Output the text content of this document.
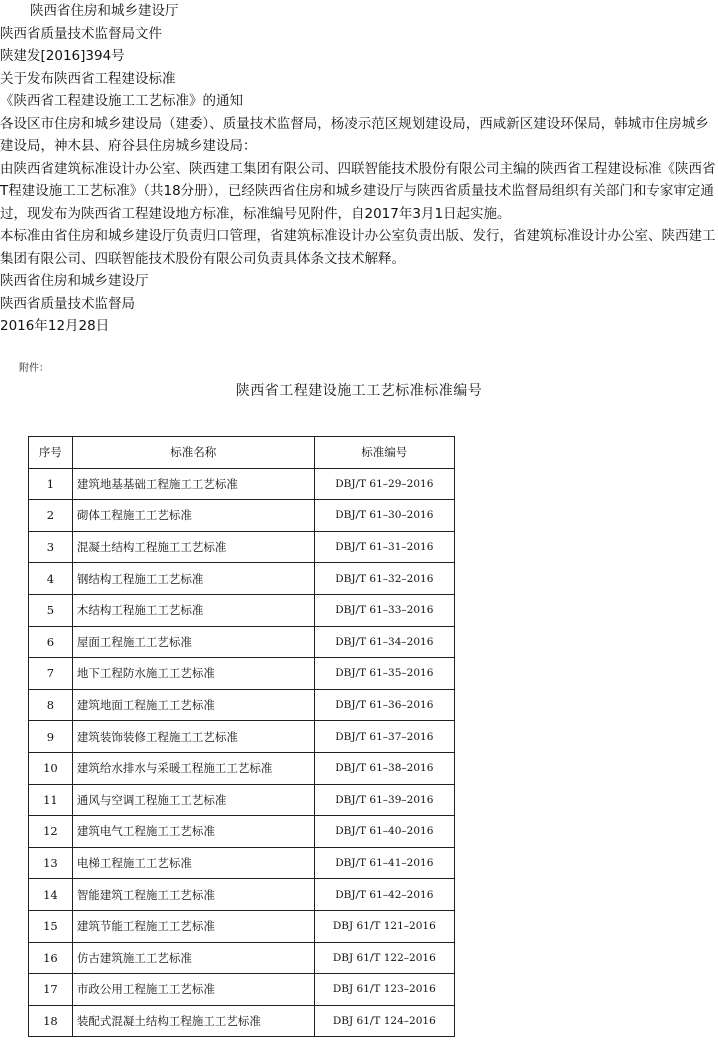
陕西省住房和城乡建设厅

陕西省质量技术监督局文件

陕建发[2016]394号

关于发布陕西省工程建设标准

《陕西省工程建设施工工艺标准》的通知

各设区市住房和城乡建设局（建委）、质量技术监督局，杨凌示范区规划建设局，西咸新区建设环保局，韩城市住房城乡建设局，神木县、府谷县住房城乡建设局：

由陕西省建筑标准设计办公室、陕西建工集团有限公司、四联智能技术股份有限公司主编的陕西省工程建设标准《陕西省T程建设施工工艺标准》（共18分册），已经陕西省住房和城乡建设厅与陕西省质量技术监督局组织有关部门和专家审定通过，现发布为陕西省工程建设地方标准，标准编号见附件，自2017年3月1日起实施。

本标准由省住房和城乡建设厅负责归口管理，省建筑标准设计办公室负责出版、发行，省建筑标准设计办公室、陕西建工集团有限公司、四联智能技术股份有限公司负责具体条文技术解释。

陕西省住房和城乡建设厅

陕西省质量技术监督局

2016年12月28日

附件：
陕西省工程建设施工工艺标准标准编号
序号	标准名称	标准编号
1	建筑地基基础工程施工工艺标准	DBJ/T 61–29–2016
2	砌体工程施工工艺标准	DBJ/T 61–30–2016
3	混凝土结构工程施工工艺标准	DBJ/T 61–31–2016
4	钢结构工程施工工艺标准	DBJ/T 61–32–2016
5	木结构工程施工工艺标准	DBJ/T 61–33–2016
6	屋面工程施工工艺标准	DBJ/T 61–34–2016
7	地下工程防水施工工艺标准	DBJ/T 61–35–2016
8	建筑地面工程施工工艺标准	DBJ/T 61–36–2016
9	建筑装饰装修工程施工工艺标准	DBJ/T 61–37–2016
10	建筑给水排水与采暖工程施工工艺标准	DBJ/T 61–38–2016
11	通风与空调工程施工工艺标准	DBJ/T 61–39–2016
12	建筑电气工程施工工艺标准	DBJ/T 61–40–2016
13	电梯工程施工工艺标准	DBJ/T 61–41–2016
14	智能建筑工程施工工艺标准	DBJ/T 61–42–2016
15	建筑节能工程施工工艺标准	DBJ 61/T 121–2016
16	仿古建筑施工工艺标准	DBJ 61/T 122–2016
17	市政公用工程施工工艺标准	DBJ 61/T 123–2016
18	装配式混凝土结构工程施工工艺标准	DBJ 61/T 124–2016
